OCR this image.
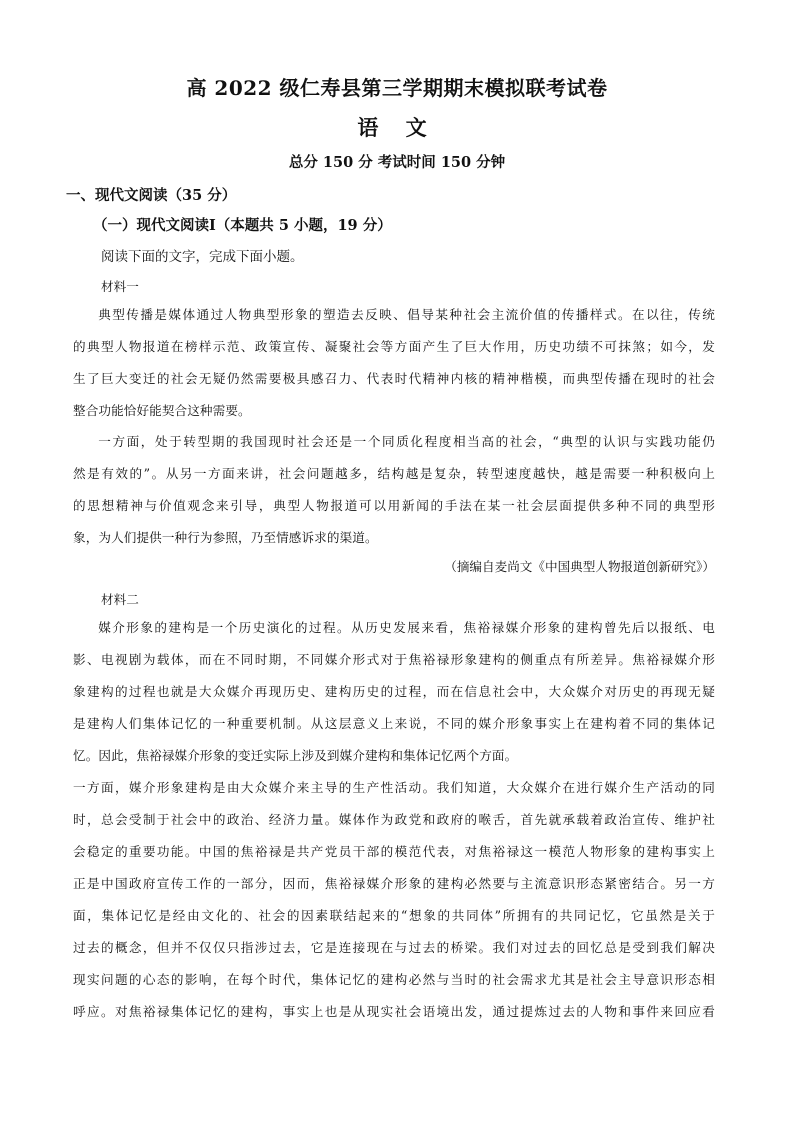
高 2022 级仁寿县第三学期期末模拟联考试卷
语 文
总分 150 分 考试时间 150 分钟
一、现代文阅读（35 分）
（一）现代文阅读Ⅰ（本题共 5 小题，19 分）
阅读下面的文字，完成下面小题。
材料一
典型传播是媒体通过人物典型形象的塑造去反映、倡导某种社会主流价值的传播样式。在以往，传统
的典型人物报道在榜样示范、政策宣传、凝聚社会等方面产生了巨大作用，历史功绩不可抹煞；如今，发
生了巨大变迁的社会无疑仍然需要极具感召力、代表时代精神内核的精神楷模，而典型传播在现时的社会
整合功能恰好能契合这种需要。
一方面，处于转型期的我国现时社会还是一个同质化程度相当高的社会，“典型的认识与实践功能仍
然是有效的”。从另一方面来讲，社会问题越多，结构越是复杂，转型速度越快，越是需要一种积极向上
的思想精神与价值观念来引导，典型人物报道可以用新闻的手法在某一社会层面提供多种不同的典型形
象，为人们提供一种行为参照，乃至情感诉求的渠道。
（摘编自麦尚文《中国典型人物报道创新研究》）
材料二
媒介形象的建构是一个历史演化的过程。从历史发展来看，焦裕禄媒介形象的建构曾先后以报纸、电
影、电视剧为载体，而在不同时期，不同媒介形式对于焦裕禄形象建构的侧重点有所差异。焦裕禄媒介形
象建构的过程也就是大众媒介再现历史、建构历史的过程，而在信息社会中，大众媒介对历史的再现无疑
是建构人们集体记忆的一种重要机制。从这层意义上来说，不同的媒介形象事实上在建构着不同的集体记
忆。因此，焦裕禄媒介形象的变迁实际上涉及到媒介建构和集体记忆两个方面。
一方面，媒介形象建构是由大众媒介来主导的生产性活动。我们知道，大众媒介在进行媒介生产活动的同
时，总会受制于社会中的政治、经济力量。媒体作为政党和政府的喉舌，首先就承载着政治宣传、维护社
会稳定的重要功能。中国的焦裕禄是共产党员干部的模范代表，对焦裕禄这一模范人物形象的建构事实上
正是中国政府宣传工作的一部分，因而，焦裕禄媒介形象的建构必然要与主流意识形态紧密结合。另一方
面，集体记忆是经由文化的、社会的因素联结起来的“想象的共同体”所拥有的共同记忆，它虽然是关于
过去的概念，但并不仅仅只指涉过去，它是连接现在与过去的桥梁。我们对过去的回忆总是受到我们解决
现实问题的心态的影响，在每个时代，集体记忆的建构必然与当时的社会需求尤其是社会主导意识形态相
呼应。对焦裕禄集体记忆的建构，事实上也是从现实社会语境出发，通过提炼过去的人物和事件来回应看
